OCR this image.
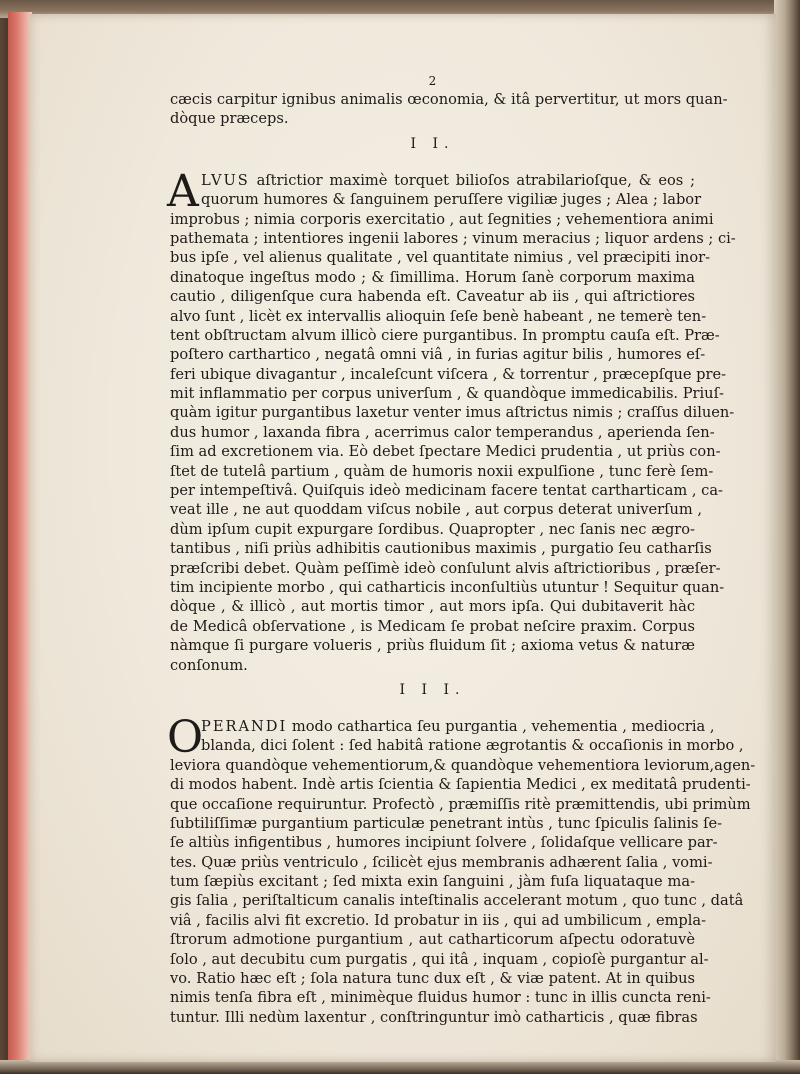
2
cæcis carpitur ignibus animalis œconomia, & itâ pervertitur, ut mors quan-
dòque præceps.
I I.
A LVUS aſtrictior maximè torquet bilioſos atrabilarioſque, & eos ;
quorum humores & ſanguinem peruſſere vigiliæ juges ; Alea ; labor
improbus ; nimia corporis exercitatio , aut ſegnities ; vehementiora animi
pathemata ; intentiores ingenii labores ; vinum meracius ; liquor ardens ; ci-
bus ipſe , vel alienus qualitate , vel quantitate nimius , vel præcipiti inor-
dinatoque ingeſtus modo ; & ſimillima. Horum ſanè corporum maxima
cautio , diligenſque cura habenda eſt. Caveatur ab iis , qui aſtrictiores
alvo ſunt , licèt ex intervallis alioquin ſeſe benè habeant , ne temerè ten-
tent obſtructam alvum illicò ciere purgantibus. In promptu cauſa eſt. Præ-
poſtero carthartico , negatâ omni viâ , in furias agitur bilis , humores eſ-
feri ubique divagantur , incaleſcunt viſcera , & torrentur , præcepſque pre-
mit inflammatio per corpus univerſum , & quandòque immedicabilis. Priuſ-
quàm igitur purgantibus laxetur venter imus aſtrictus nimis ; craſſus diluen-
dus humor , laxanda fibra , acerrimus calor temperandus , aperienda ſen-
ſim ad excretionem via. Eò debet ſpectare Medici prudentia , ut priùs con-
ſtet de tutelâ partium , quàm de humoris noxii expulſione , tunc ferè ſem-
per intempeſtivâ. Quiſquis ideò medicinam facere tentat cartharticam , ca-
veat ille , ne aut quoddam viſcus nobile , aut corpus deterat univerſum ,
dùm ipſum cupit expurgare ſordibus. Quapropter , nec ſanis nec ægro-
tantibus , niſi priùs adhibitis cautionibus maximis , purgatio ſeu catharſis
præſcribi debet. Quàm peſſimè ideò conſulunt alvis aſtrictioribus , præſer-
tim incipiente morbo , qui catharticis inconſultiùs utuntur ! Sequitur quan-
dòque , & illicò , aut mortis timor , aut mors ipſa. Qui dubitaverit hàc
de Medicâ obſervatione , is Medicam ſe probat neſcire praxim. Corpus
nàmque ſi purgare volueris , priùs fluidum ſit ; axioma vetus & naturæ
conſonum.
I I I.
O
PERANDI modo cathartica ſeu purgantia , vehementia , mediocria ,
blanda, dici ſolent : ſed habitâ ratione ægrotantis & occaſionis in morbo ,
leviora quandòque vehementiorum,& quandòque vehementiora leviorum,agen-
di modos habent. Indè artis ſcientia & ſapientia Medici , ex meditatâ prudenti-
que occaſione requiruntur. Profectò , præmiſſis ritè præmittendis, ubi primùm
ſubtiliſſimæ purgantium particulæ penetrant intùs , tunc ſpiculis ſalinis ſe-
ſe altiùs infigentibus , humores incipiunt ſolvere , ſolidaſque vellicare par-
tes. Quæ priùs ventriculo , ſcilicèt ejus membranis adhærent ſalia , vomi-
tum ſæpiùs excitant ; ſed mixta exin ſanguini , jàm fuſa liquataque ma-
gis ſalia , periſtalticum canalis inteſtinalis accelerant motum , quo tunc , datâ
viâ , facilis alvi fit excretio. Id probatur in iis , qui ad umbilicum , empla-
ſtrorum admotione purgantium , aut catharticorum aſpectu odoratuvè
ſolo , aut decubitu cum purgatis , qui itâ , inquam , copioſè purgantur al-
vo. Ratio hæc eſt ; ſola natura tunc dux eſt , & viæ patent. At in quibus
nimis tenſa fibra eſt , minimèque fluidus humor : tunc in illis cuncta reni-
tuntur. Illi nedùm laxentur , conſtringuntur imò catharticis , quæ fibras
